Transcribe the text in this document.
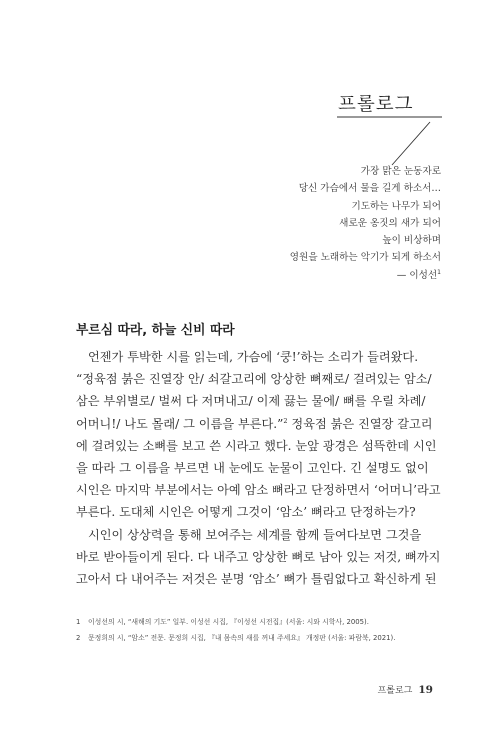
프롤로그
가장 맑은 눈동자로
당신 가슴에서 물을 길게 하소서…
기도하는 나무가 되어
새로운 옹짓의 새가 되어
높이 비상하며
영원을 노래하는 악기가 되게 하소서
— 이성선$^1$
부르심 따라, 하늘 신비 따라
언젠가 투박한 시를 읽는데, 가슴에 ‘쿵!’하는 소리가 들려왔다.
“정육점 붉은 진열장 안/ 쇠갈고리에 앙상한 뼈째로/ 걸려있는 암소/
삼은 부위별로/ 벌써 다 저며내고/ 이제 끓는 물에/ 뼈를 우릴 차례/
어머니!/ 나도 몰래/ 그 이름을 부른다.”$^2$ 정육점 붉은 진열장 갈고리
에 걸려있는 소뼈를 보고 쓴 시라고 했다. 눈앞 광경은 섬뜩한데 시인
을 따라 그 이름을 부르면 내 눈에도 눈물이 고인다. 긴 설명도 없이
시인은 마지막 부분에서는 아예 암소 뼈라고 단정하면서 ‘어머니’라고
부른다. 도대체 시인은 어떻게 그것이 ‘암소’ 뼈라고 단정하는가?
시인이 상상력을 통해 보여주는 세계를 함께 들여다보면 그것을
바로 받아들이게 된다. 다 내주고 앙상한 뼈로 남아 있는 저것, 뼈까지
고아서 다 내어주는 저것은 분명 ‘암소’ 뼈가 틀림없다고 확신하게 된
1 이성선의 시, “새해의 기도” 일부. 이성선 시집, 『이성선 시전집』(서울: 시와 시학사, 2005).
2 문정희의 시, “암소” 전문. 문정희 시집, 『내 몸속의 새를 꺼내 주세요』 개정판 (서울: 파람북, 2021).
프롤로그 19
